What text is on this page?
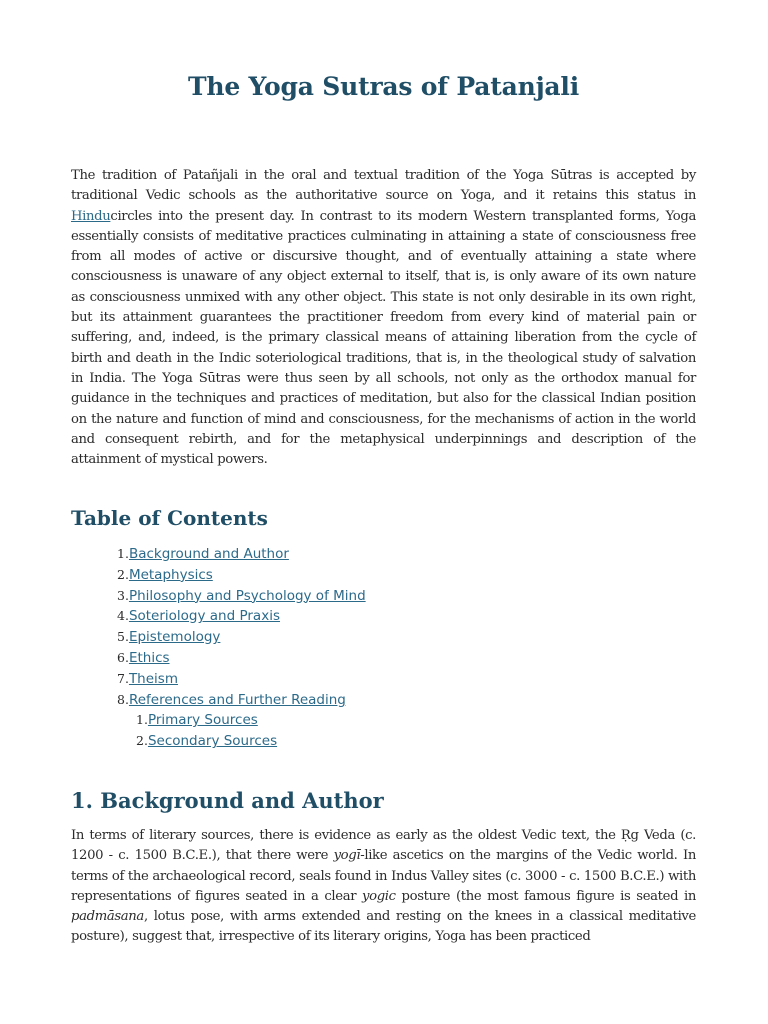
The Yoga Sutras of Patanjali

The tradition of Patañjali in the oral and textual tradition of the Yoga Sūtras is accepted by traditional Vedic schools as the authoritative source on Yoga, and it retains this status in Hinducircles into the present day. In contrast to its modern Western transplanted forms, Yoga essentially consists of meditative practices culminating in attaining a state of consciousness free from all modes of active or discursive thought, and of eventually attaining a state where consciousness is unaware of any object external to itself, that is, is only aware of its own nature as consciousness unmixed with any other object. This state is not only desirable in its own right, but its attainment guarantees the practitioner freedom from every kind of material pain or suffering, and, indeed, is the primary classical means of attaining liberation from the cycle of birth and death in the Indic soteriological traditions, that is, in the theological study of salvation in India. The Yoga Sūtras were thus seen by all schools, not only as the orthodox manual for guidance in the techniques and practices of meditation, but also for the classical Indian position on the nature and function of mind and consciousness, for the mechanisms of action in the world and consequent rebirth, and for the metaphysical underpinnings and description of the attainment of mystical powers.

Table of Contents
1.Background and Author
2.Metaphysics
3.Philosophy and Psychology of Mind
4.Soteriology and Praxis
5.Epistemology
6.Ethics
7.Theism
8.References and Further Reading
1.Primary Sources
2.Secondary Sources
1. Background and Author

In terms of literary sources, there is evidence as early as the oldest Vedic text, the Ṛg Veda (c. 1200 - c. 1500 B.C.E.), that there were yogī-like ascetics on the margins of the Vedic world. In terms of the archaeological record, seals found in Indus Valley sites (c. 3000 - c. 1500 B.C.E.) with representations of figures seated in a clear yogic posture (the most famous figure is seated in padmāsana, lotus pose, with arms extended and resting on the knees in a classical meditative posture), suggest that, irrespective of its literary origins, Yoga has been practiced
